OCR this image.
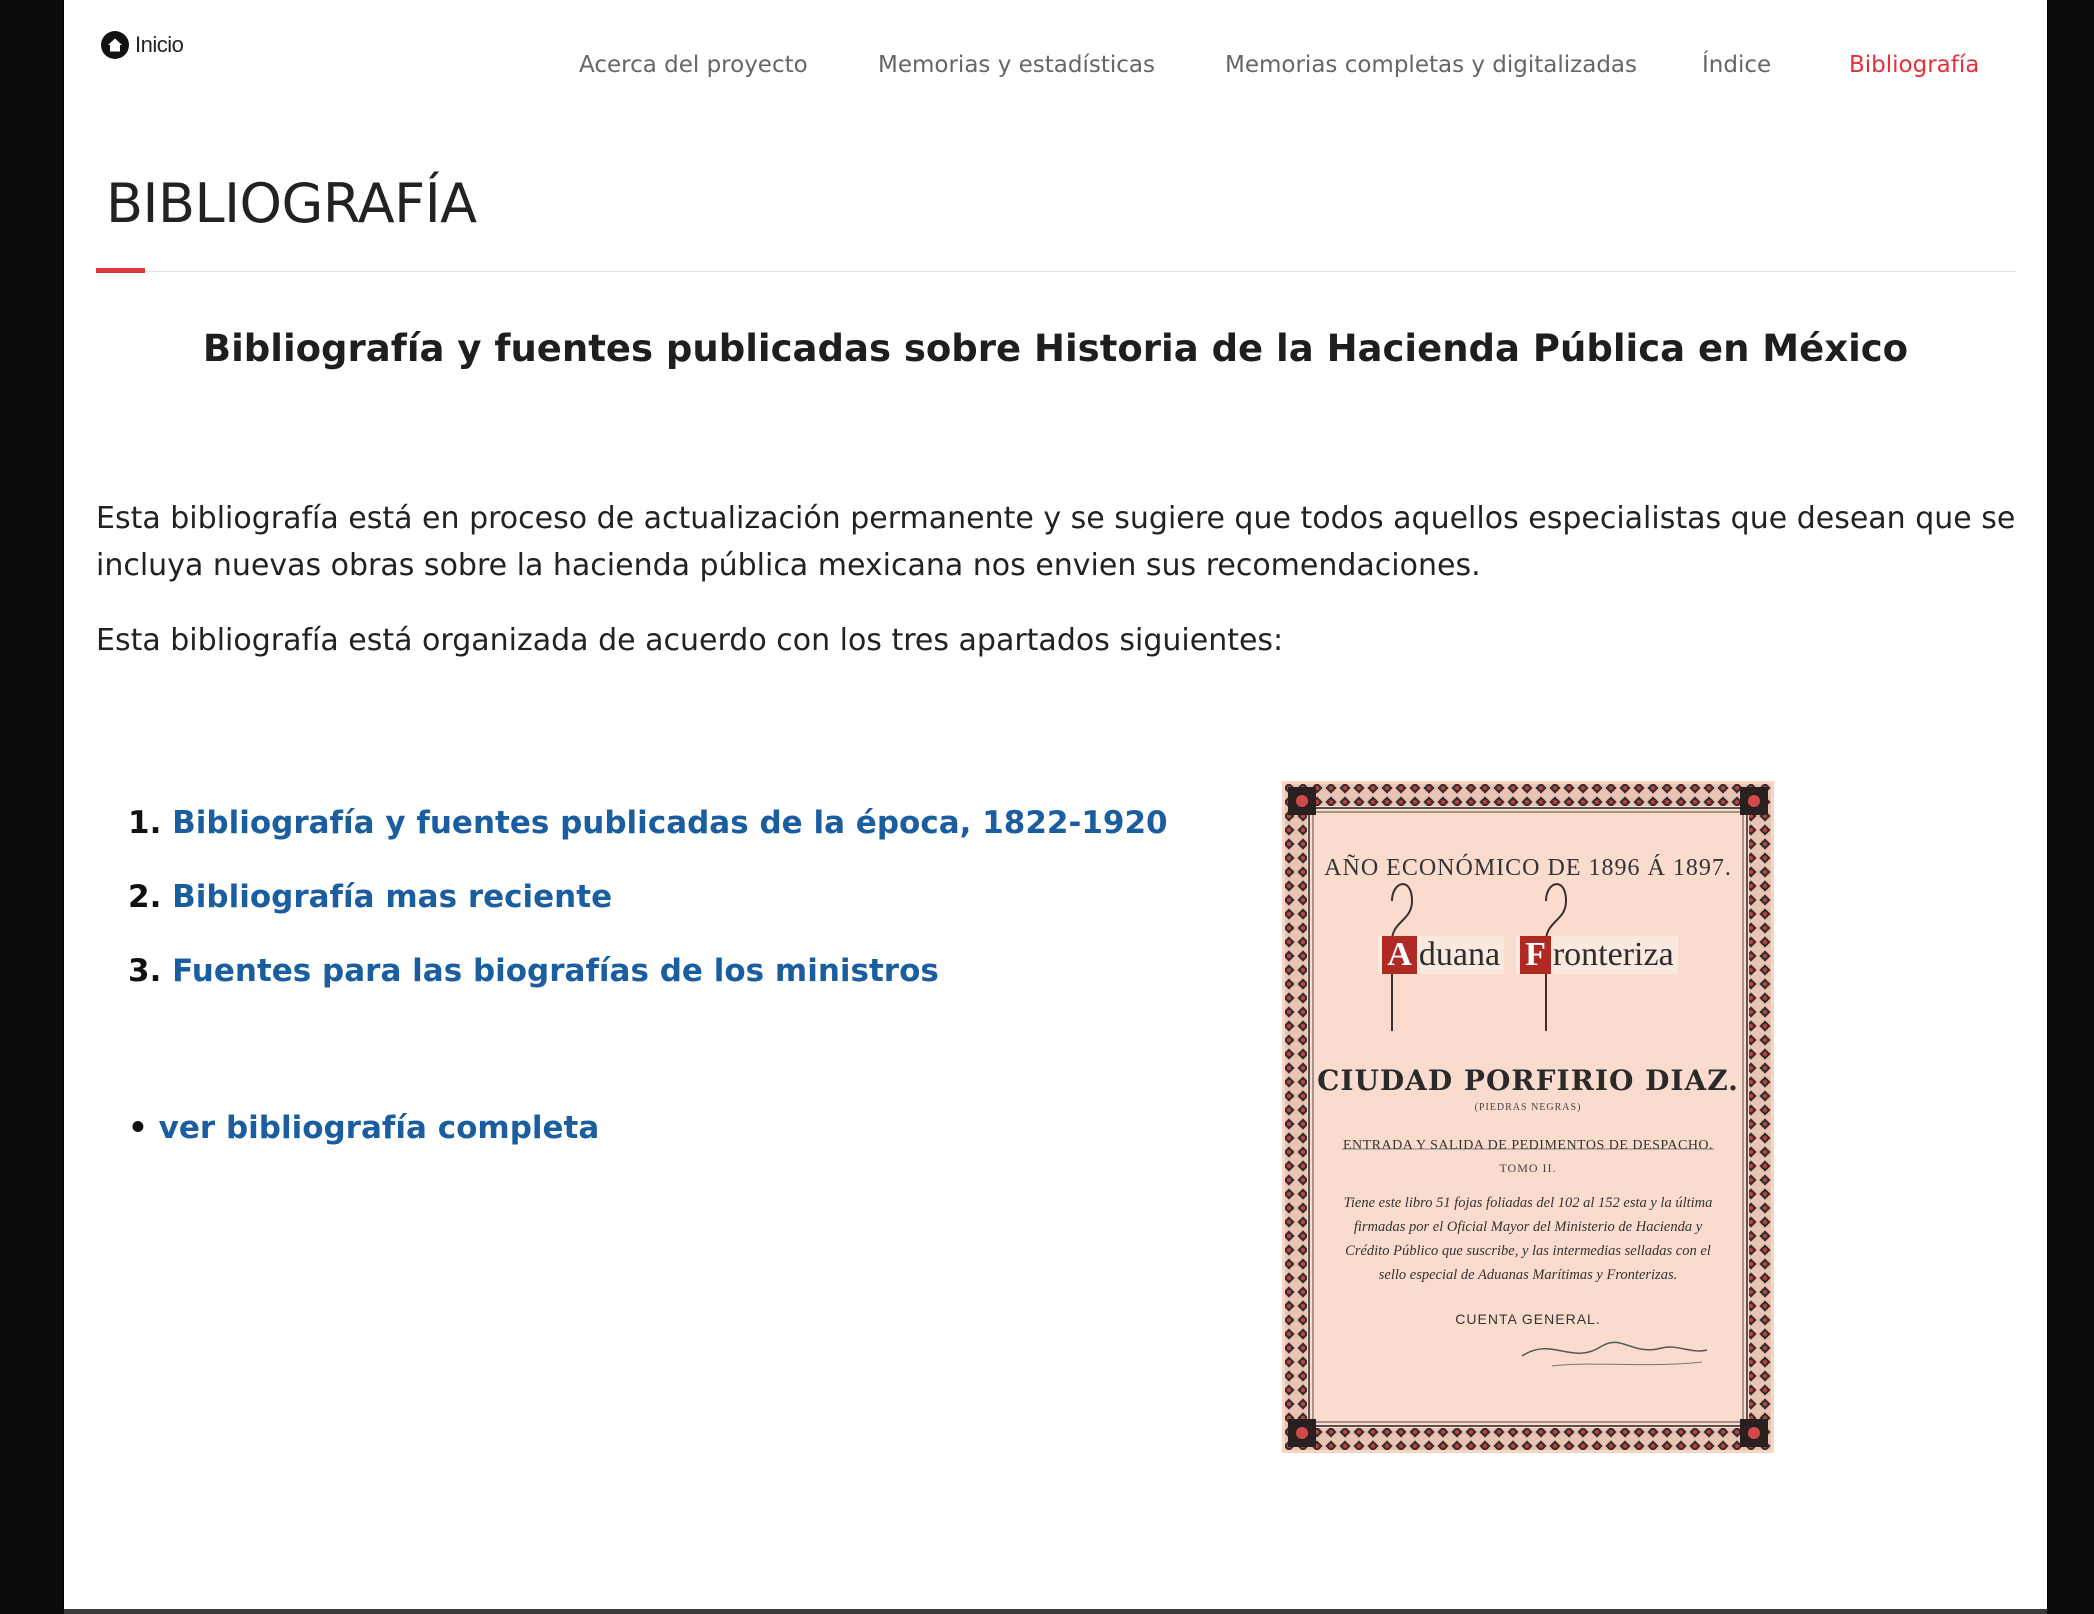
Inicio
Acerca del proyecto	Memorias y estadísticas	Memorias completas y digitalizadas	Índice	Bibliografía
BIBLIOGRAFÍA
Bibliografía y fuentes publicadas sobre Historia de la Hacienda Pública en México

Esta bibliografía está en proceso de actualización permanente y se sugiere que todos aquellos especialistas que desean que se incluya nuevas obras sobre la hacienda pública mexicana nos envien sus recomendaciones.

Esta bibliografía está organizada de acuerdo con los tres apartados siguientes:

1. Bibliografía y fuentes publicadas de la época, 1822-1920
2. Bibliografía mas reciente
3. Fuentes para las biografías de los ministros
• ver bibliografía completa
AÑO ECONÓMICO DE 1896 Á 1897.
A duana F ronteriza
CIUDAD PORFIRIO DIAZ.
(PIEDRAS NEGRAS)
ENTRADA Y SALIDA DE PEDIMENTOS DE DESPACHO.
TOMO II.
Tiene este libro 51 fojas foliadas del 102 al 152 esta y la última firmadas por el Oficial Mayor del Ministerio de Hacienda y Crédito Público que suscribe, y las intermedias selladas con el sello especial de Aduanas Marítimas y Fronterizas.
CUENTA GENERAL.
